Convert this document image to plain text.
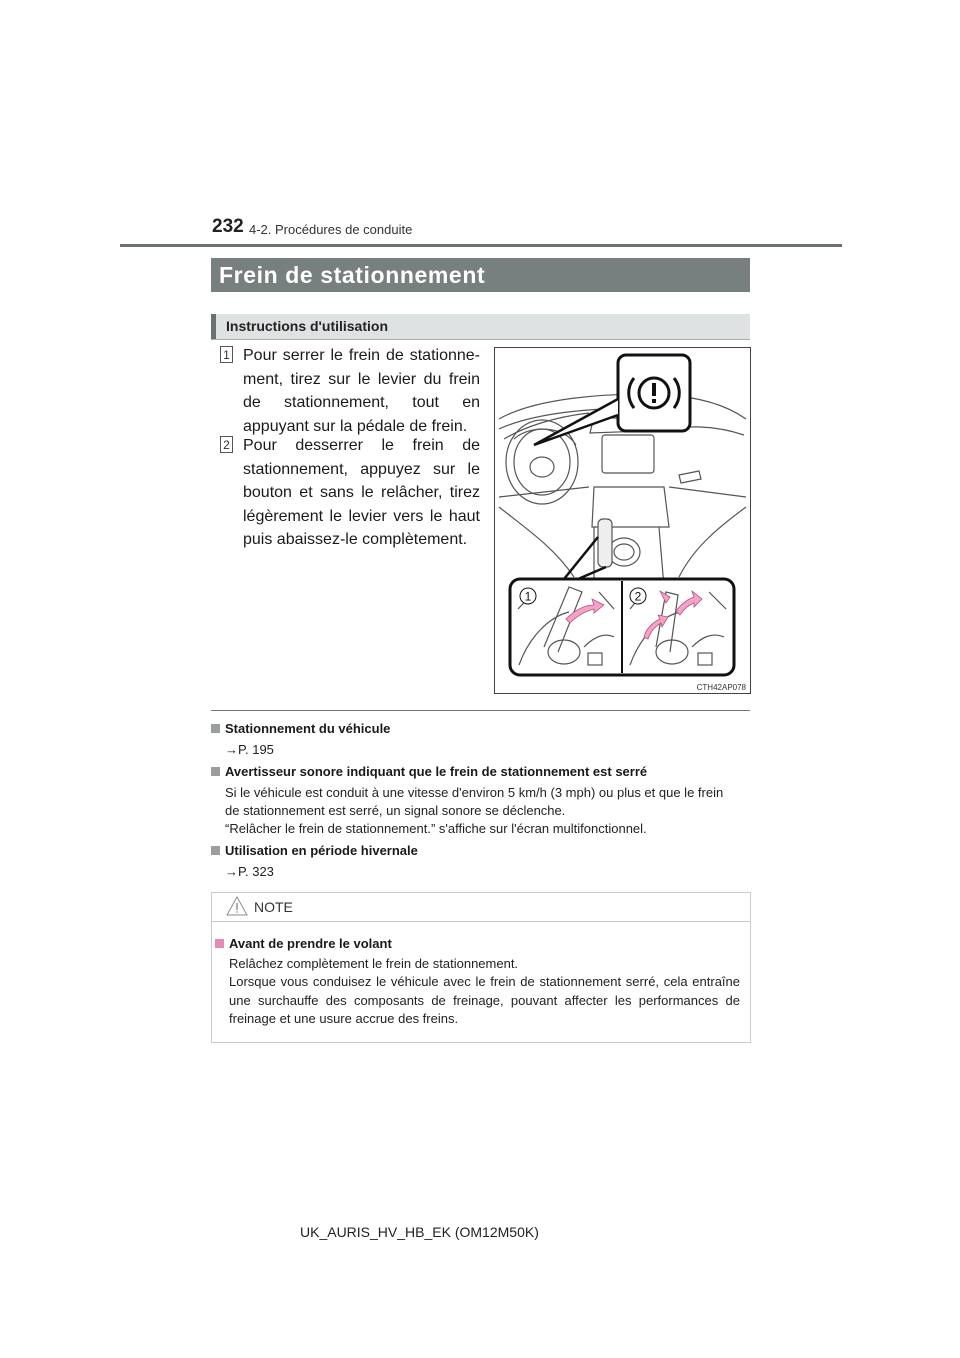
232 4-2. Procédures de conduite
Frein de stationnement
Instructions d'utilisation
1 Pour serrer le frein de stationnement, tirez sur le levier du frein de stationnement, tout en appuyant sur la pédale de frein.
2 Pour desserrer le frein de stationnement, appuyez sur le bouton et sans le relâcher, tirez légèrement le levier vers le haut puis abaissez-le complètement.
1	2
CTH42AP078
Stationnement du véhicule
→P. 195
Avertisseur sonore indiquant que le frein de stationnement est serré
Si le véhicule est conduit à une vitesse d'environ 5 km/h (3 mph) ou plus et que le frein
de stationnement est serré, un signal sonore se déclenche.
“Relâcher le frein de stationnement.” s'affiche sur l'écran multifonctionnel.
Utilisation en période hivernale
→P. 323
NOTE
Avant de prendre le volant
Relâchez complètement le frein de stationnement.
Lorsque vous conduisez le véhicule avec le frein de stationnement serré, cela entraîne une surchauffe des composants de freinage, pouvant affecter les performances de freinage et une usure accrue des freins.
UK_AURIS_HV_HB_EK (OM12M50K)
